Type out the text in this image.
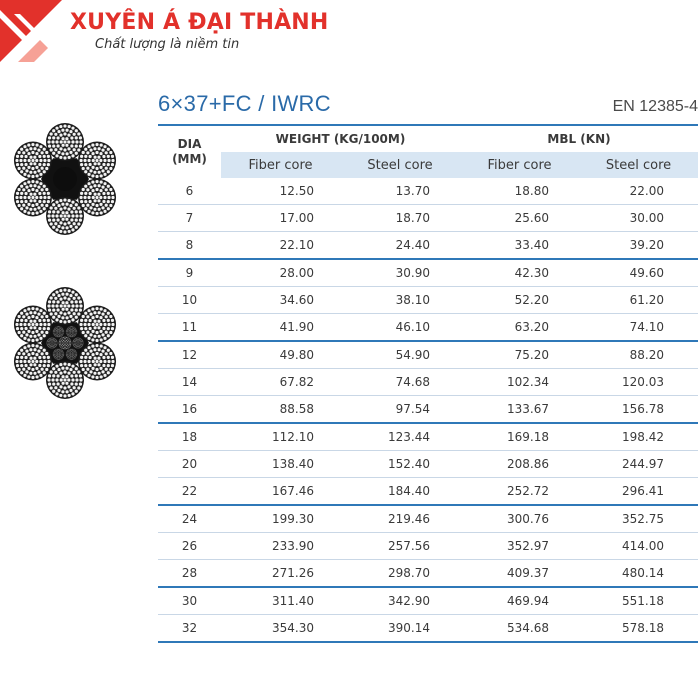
XUYÊN Á ĐẠI THÀNH
Chất lượng là niềm tin
6×37+FC / IWRC	EN 12385-4
DIA
(MM)	WEIGHT (KG/100M)		MBL (KN)	
	Fiber core	Steel core	Fiber core	Steel core
6	12.50	13.70	18.80	22.00
7	17.00	18.70	25.60	30.00
8	22.10	24.40	33.40	39.20
9	28.00	30.90	42.30	49.60
10	34.60	38.10	52.20	61.20
11	41.90	46.10	63.20	74.10
12	49.80	54.90	75.20	88.20
14	67.82	74.68	102.34	120.03
16	88.58	97.54	133.67	156.78
18	112.10	123.44	169.18	198.42
20	138.40	152.40	208.86	244.97
22	167.46	184.40	252.72	296.41
24	199.30	219.46	300.76	352.75
26	233.90	257.56	352.97	414.00
28	271.26	298.70	409.37	480.14
30	311.40	342.90	469.94	551.18
32	354.30	390.14	534.68	578.18
